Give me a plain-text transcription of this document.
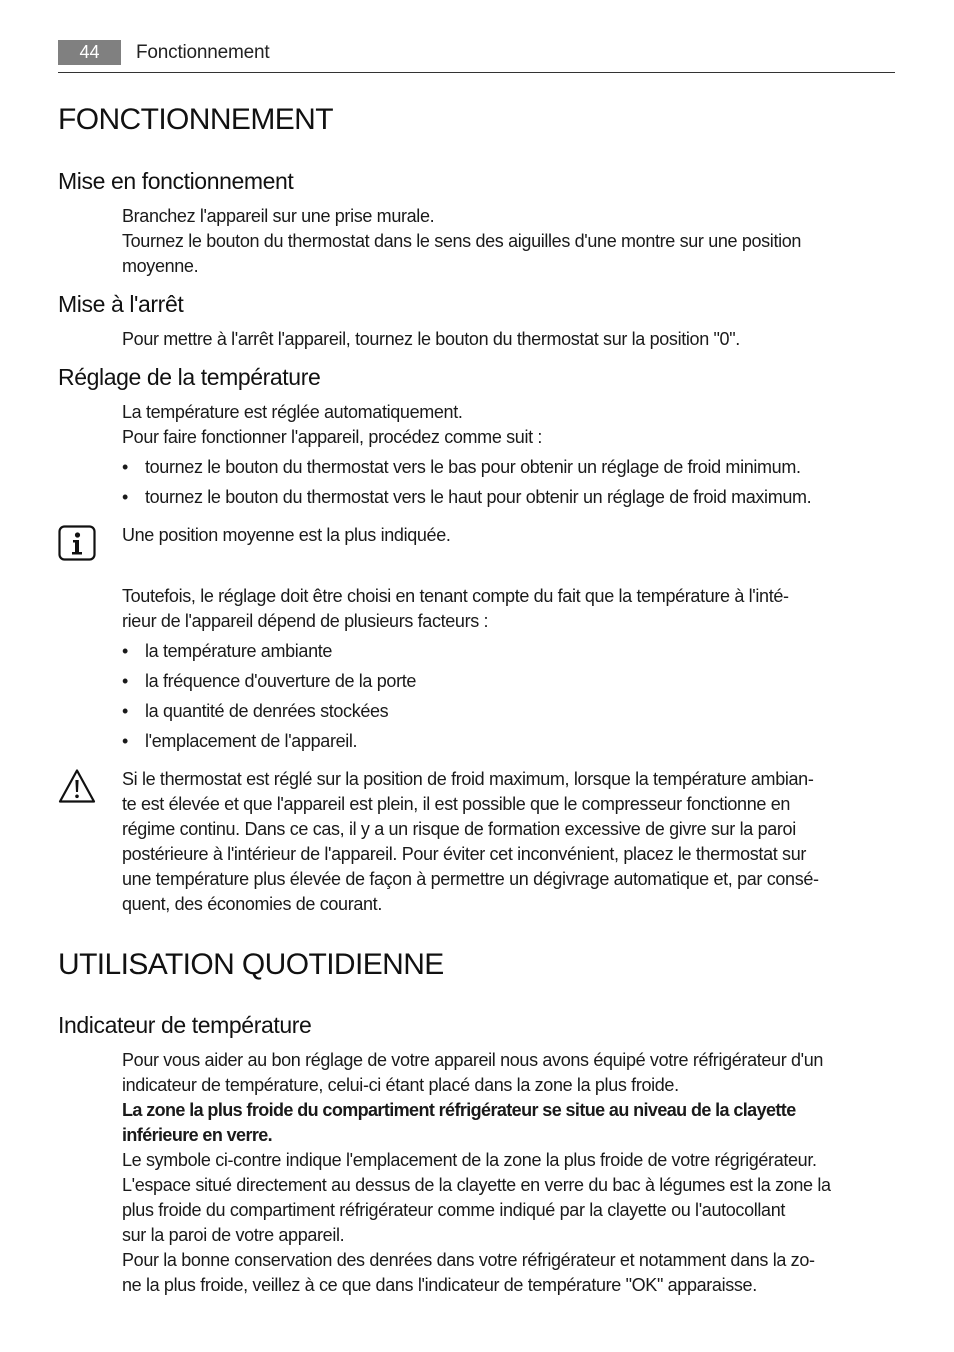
44	Fonctionnement
FONCTIONNEMENT
Mise en fonctionnement
Branchez l'appareil sur une prise murale.
Tournez le bouton du thermostat dans le sens des aiguilles d'une montre sur une position
moyenne.
Mise à l'arrêt
Pour mettre à l'arrêt l'appareil, tournez le bouton du thermostat sur la position "0".
Réglage de la température
La température est réglée automatiquement.
Pour faire fonctionner l'appareil, procédez comme suit :
• tournez le bouton du thermostat vers le bas pour obtenir un réglage de froid minimum.
• tournez le bouton du thermostat vers le haut pour obtenir un réglage de froid maximum.
Une position moyenne est la plus indiquée.
Toutefois, le réglage doit être choisi en tenant compte du fait que la température à l'inté-
rieur de l'appareil dépend de plusieurs facteurs :
• la température ambiante
• la fréquence d'ouverture de la porte
• la quantité de denrées stockées
• l'emplacement de l'appareil.
Si le thermostat est réglé sur la position de froid maximum, lorsque la température ambian-
te est élevée et que l'appareil est plein, il est possible que le compresseur fonctionne en
régime continu. Dans ce cas, il y a un risque de formation excessive de givre sur la paroi
postérieure à l'intérieur de l'appareil. Pour éviter cet inconvénient, placez le thermostat sur
une température plus élevée de façon à permettre un dégivrage automatique et, par consé-
quent, des économies de courant.
UTILISATION QUOTIDIENNE
Indicateur de température
Pour vous aider au bon réglage de votre appareil nous avons équipé votre réfrigérateur d'un
indicateur de température, celui-ci étant placé dans la zone la plus froide.
La zone la plus froide du compartiment réfrigérateur se situe au niveau de la clayette
inférieure en verre.
Le symbole ci-contre indique l'emplacement de la zone la plus froide de votre régrigérateur.
L'espace situé directement au dessus de la clayette en verre du bac à légumes est la zone la
plus froide du compartiment réfrigérateur comme indiqué par la clayette ou l'autocollant
sur la paroi de votre appareil.
Pour la bonne conservation des denrées dans votre réfrigérateur et notamment dans la zo-
ne la plus froide, veillez à ce que dans l'indicateur de température "OK" apparaisse.
